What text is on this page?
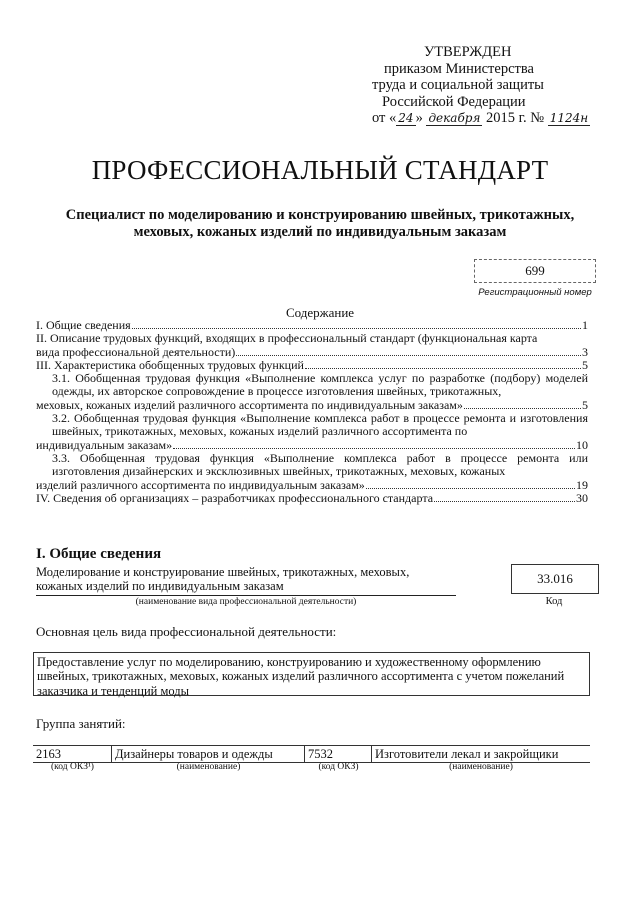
УТВЕРЖДЕН
приказом Министерства
труда и социальной защиты
Российской Федерации
от « 24 » декабря 2015 г. № 1124н
ПРОФЕССИОНАЛЬНЫЙ СТАНДАРТ
Специалист по моделированию и конструированию швейных, трикотажных,
меховых, кожаных изделий по индивидуальным заказам
699
Регистрационный номер
Содержание
I. Общие сведения	1
II. Описание трудовых функций, входящих в профессиональный стандарт (функциональная карта
вида профессиональной деятельности)	3
III. Характеристика обобщенных трудовых функций	5
3.1. Обобщенная трудовая функция «Выполнение комплекса услуг по разработке (подбору) моделей одежды, их авторское сопровождение в процессе изготовления швейных, трикотажных,
меховых, кожаных изделий различного ассортимента по индивидуальным заказам»	5
3.2. Обобщенная трудовая функция «Выполнение комплекса работ в процессе ремонта и изготовления швейных, трикотажных, меховых, кожаных изделий различного ассортимента по
индивидуальным заказам»	10
3.3. Обобщенная трудовая функция «Выполнение комплекса работ в процессе ремонта или изготовления дизайнерских и эксклюзивных швейных, трикотажных, меховых, кожаных
изделий различного ассортимента по индивидуальным заказам»	19
IV. Сведения об организациях – разработчиках профессионального стандарта	30
I. Общие сведения
Моделирование и конструирование швейных, трикотажных, меховых, кожаных изделий по индивидуальным заказам
(наименование вида профессиональной деятельности)
33.016
Код
Основная цель вида профессиональной деятельности:
Предоставление услуг по моделированию, конструированию и художественному оформлению швейных, трикотажных, меховых, кожаных изделий различного ассортимента с учетом пожеланий заказчика и тенденций моды
Группа занятий:
2163	Дизайнеры товаров и одежды	7532	Изготовители лекал и закройщики
(код ОКЗ¹)	(наименование)	(код ОКЗ)	(наименование)
